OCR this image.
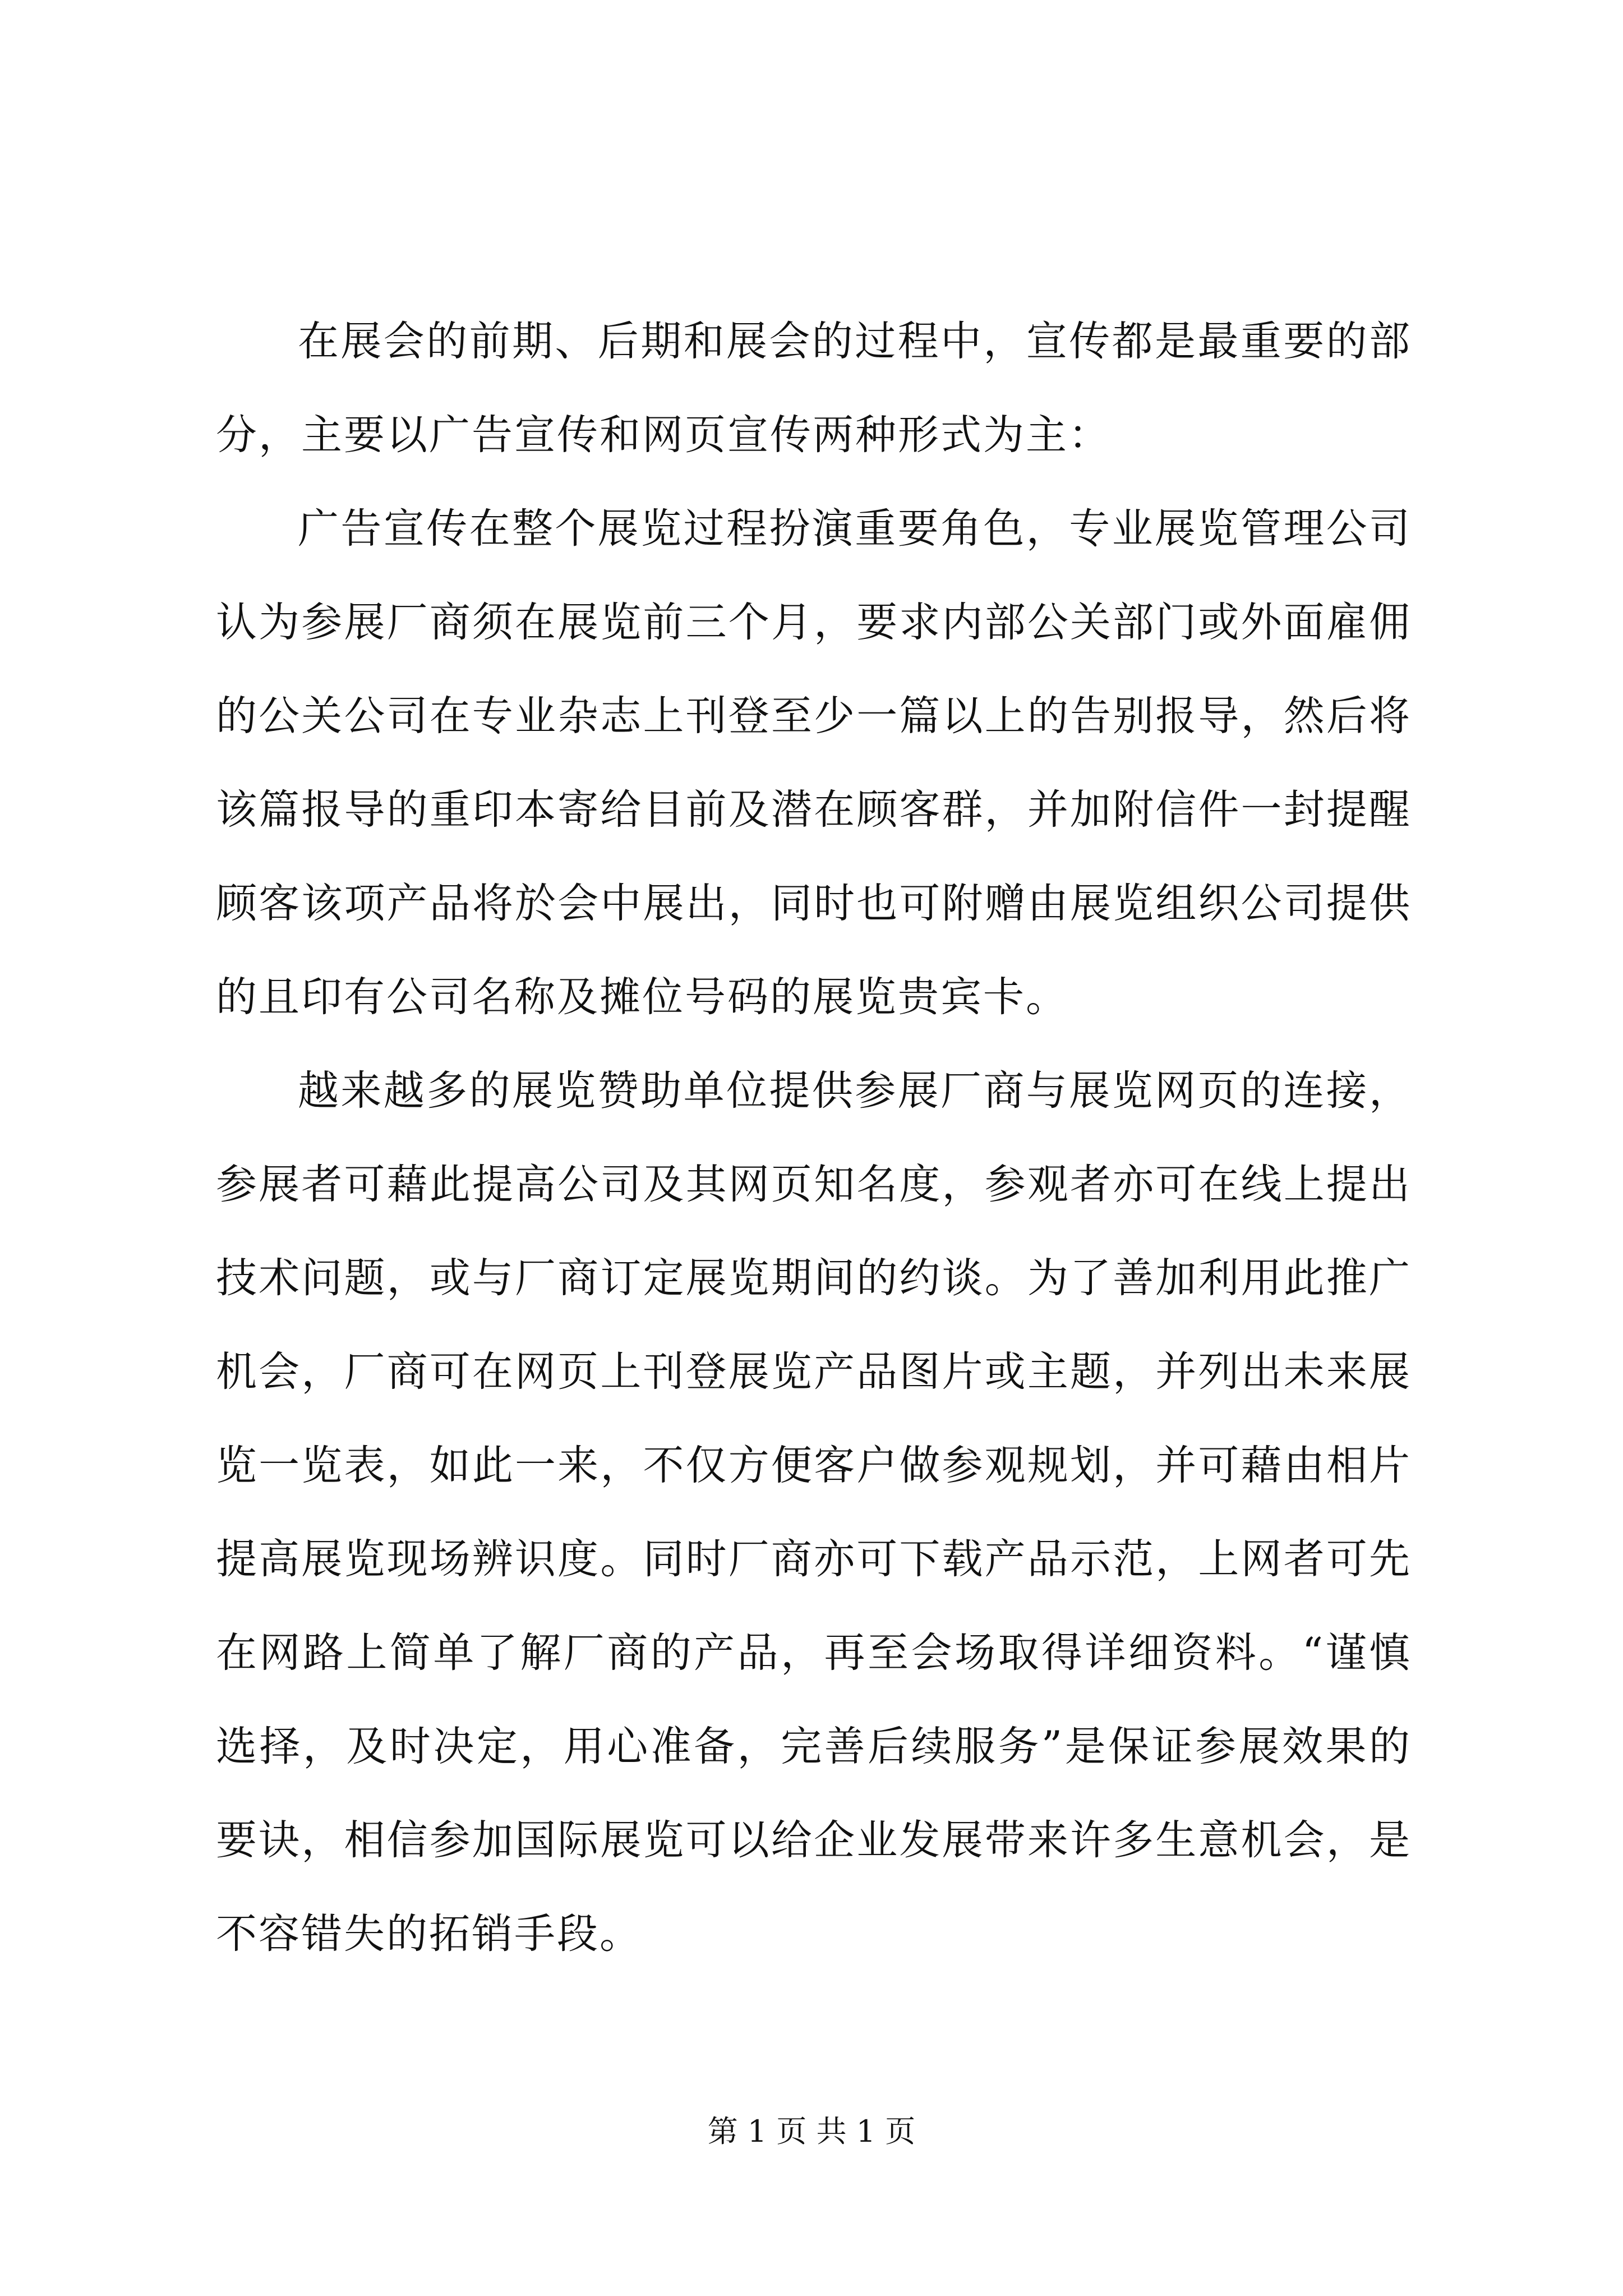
在展会的前期、后期和展会的过程中，宣传都是最重要的部分，主要以广告宣传和网页宣传两种形式为主：

广告宣传在整个展览过程扮演重要角色，专业展览管理公司认为参展厂商须在展览前三个月，要求内部公关部门或外面雇佣的公关公司在专业杂志上刊登至少一篇以上的告别报导，然后将该篇报导的重印本寄给目前及潜在顾客群，并加附信件一封提醒顾客该项产品将於会中展出，同时也可附赠由展览组织公司提供的且印有公司名称及摊位号码的展览贵宾卡。

越来越多的展览赞助单位提供参展厂商与展览网页的连接，参展者可藉此提高公司及其网页知名度，参观者亦可在线上提出技术问题，或与厂商订定展览期间的约谈。为了善加利用此推广机会，厂商可在网页上刊登展览产品图片或主题，并列出未来展览一览表，如此一来，不仅方便客户做参观规划，并可藉由相片提高展览现场辨识度。同时厂商亦可下载产品示范，上网者可先在网路上简单了解厂商的产品，再至会场取得详细资料。“谨慎选择，及时决定，用心准备，完善后续服务”是保证参展效果的要诀，相信参加国际展览可以给企业发展带来许多生意机会，是不容错失的拓销手段。

第 1 页 共 1 页
